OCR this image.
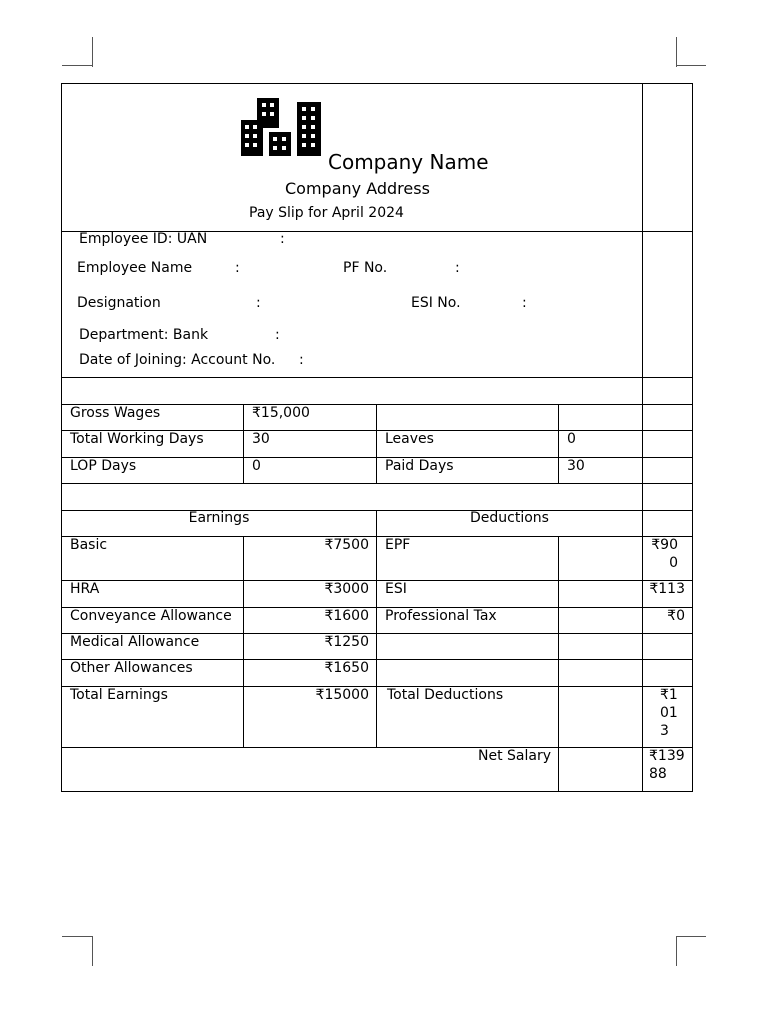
Company Name
Company Address
Pay Slip for April 2024
Employee ID: UAN	:
Employee Name	:	PF No.	:
Designation	:	ESI No.	:
Department: Bank	:
Date of Joining: Account No. :
Gross Wages	₹15,000
Total Working Days	30	Leaves	0
LOP Days	0	Paid Days	30
Earnings	Deductions
Basic	₹7500 EPF	₹900
HRA	₹3000 ESI	₹113
Conveyance Allowance	₹1600 Professional Tax	₹0
Medical Allowance	₹1250
Other Allowances	₹1650
Total Earnings	₹15000 Total Deductions	₹1013
Net Salary	₹13988
